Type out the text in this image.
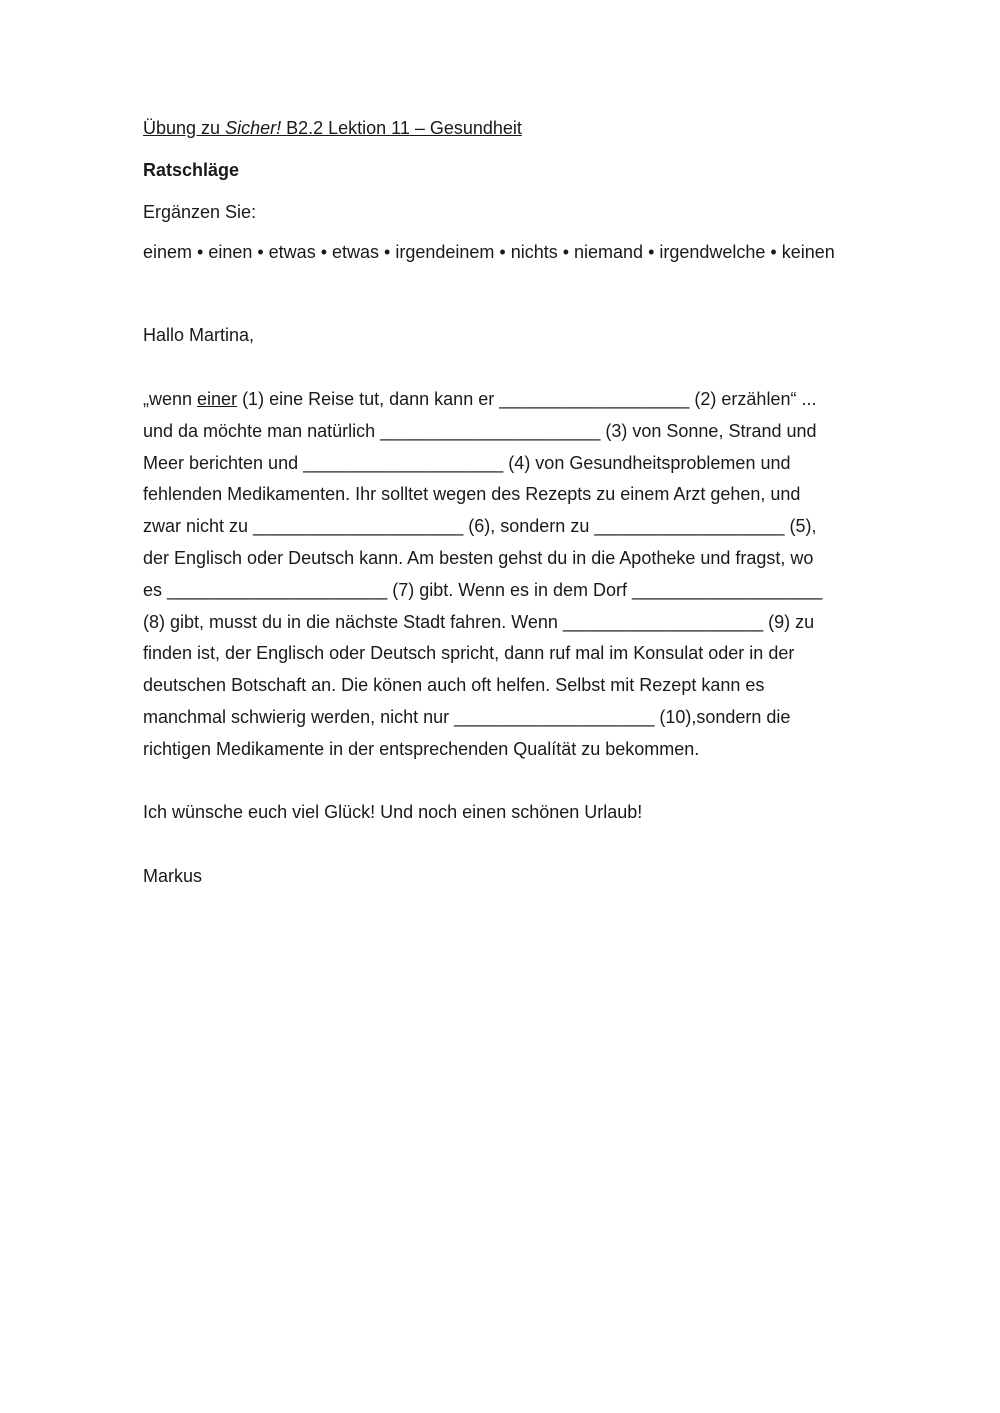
Übung zu Sicher! B2.2 Lektion 11 – Gesundheit
Ratschläge
Ergänzen Sie:
einem • einen • etwas • etwas • irgendeinem • nichts • niemand • irgendwelche • keinen
Hallo Martina,
„wenn einer (1) eine Reise tut, dann kann er ___________________ (2) erzählen“ ...
und da möchte man natürlich ______________________ (3) von Sonne, Strand und
Meer berichten und ____________________ (4) von Gesundheitsproblemen und
fehlenden Medikamenten. Ihr solltet wegen des Rezepts zu einem Arzt gehen, und
zwar nicht zu _____________________ (6), sondern zu ___________________ (5),
der Englisch oder Deutsch kann. Am besten gehst du in die Apotheke und fragst, wo
es ______________________ (7) gibt. Wenn es in dem Dorf ___________________
(8) gibt, musst du in die nächste Stadt fahren. Wenn ____________________ (9) zu
finden ist, der Englisch oder Deutsch spricht, dann ruf mal im Konsulat oder in der
deutschen Botschaft an. Die könen auch oft helfen. Selbst mit Rezept kann es
manchmal schwierig werden, nicht nur ____________________ (10),sondern die
richtigen Medikamente in der entsprechenden Qualítät zu bekommen.
Ich wünsche euch viel Glück! Und noch einen schönen Urlaub!
Markus
